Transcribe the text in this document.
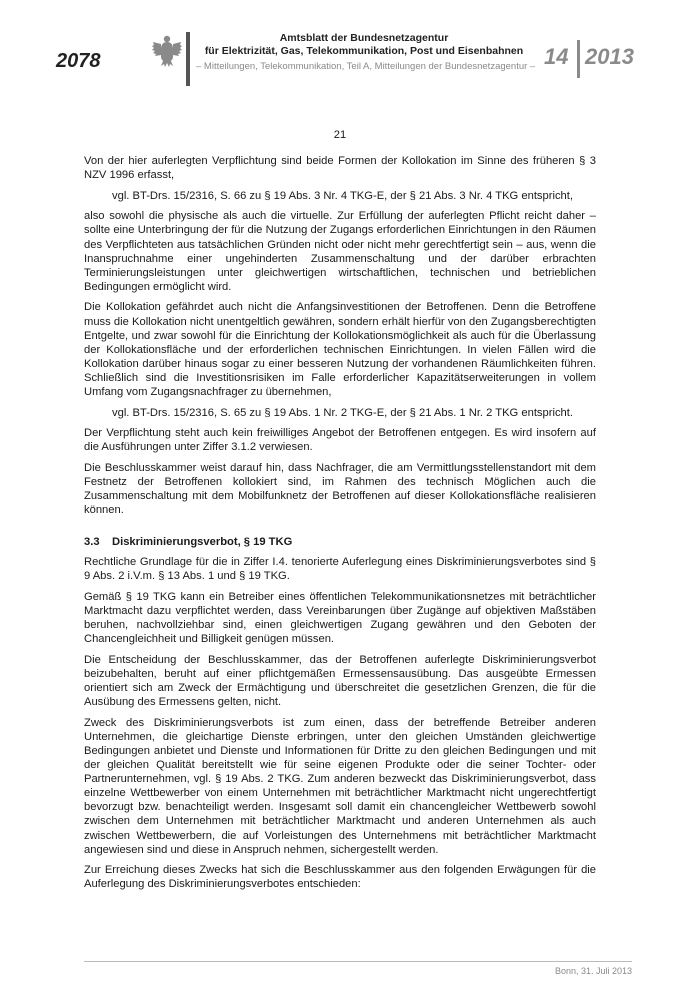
2078
Amtsblatt der Bundesnetzagentur
für Elektrizität, Gas, Telekommunikation, Post und Eisenbahnen
– Mitteilungen, Telekommunikation, Teil A, Mitteilungen der Bundesnetzagentur – 14 2013
21

Von der hier auferlegten Verpflichtung sind beide Formen der Kollokation im Sinne des früheren § 3 NZV 1996 erfasst,

vgl. BT-Drs. 15/2316, S. 66 zu § 19 Abs. 3 Nr. 4 TKG-E, der § 21 Abs. 3 Nr. 4 TKG entspricht,

also sowohl die physische als auch die virtuelle. Zur Erfüllung der auferlegten Pflicht reicht daher – sollte eine Unterbringung der für die Nutzung der Zugangs erforderlichen Einrichtungen in den Räumen des Verpflichteten aus tatsächlichen Gründen nicht oder nicht mehr gerechtfertigt sein – aus, wenn die Inanspruchnahme einer ungehinderten Zusammenschaltung und der darüber erbrachten Terminierungsleistungen unter gleichwertigen wirtschaftlichen, technischen und betrieblichen Bedingungen ermöglicht wird.

Die Kollokation gefährdet auch nicht die Anfangsinvestitionen der Betroffenen. Denn die Betroffene muss die Kollokation nicht unentgeltlich gewähren, sondern erhält hierfür von den Zugangsberechtigten Entgelte, und zwar sowohl für die Einrichtung der Kollokationsmöglichkeit als auch für die Überlassung der Kollokationsfläche und der erforderlichen technischen Einrichtungen. In vielen Fällen wird die Kollokation darüber hinaus sogar zu einer besseren Nutzung der vorhandenen Räumlichkeiten führen. Schließlich sind die Investitionsrisiken im Falle erforderlicher Kapazitätserweiterungen in vollem Umfang vom Zugangsnachfrager zu übernehmen,

vgl. BT-Drs. 15/2316, S. 65 zu § 19 Abs. 1 Nr. 2 TKG-E, der § 21 Abs. 1 Nr. 2 TKG entspricht.

Der Verpflichtung steht auch kein freiwilliges Angebot der Betroffenen entgegen. Es wird insofern auf die Ausführungen unter Ziffer 3.1.2 verwiesen.

Die Beschlusskammer weist darauf hin, dass Nachfrager, die am Vermittlungsstellenstandort mit dem Festnetz der Betroffenen kollokiert sind, im Rahmen des technisch Möglichen auch die Zusammenschaltung mit dem Mobilfunknetz der Betroffenen auf dieser Kollokationsfläche realisieren können.

3.3 Diskriminierungsverbot, § 19 TKG

Rechtliche Grundlage für die in Ziffer I.4. tenorierte Auferlegung eines Diskriminierungsverbotes sind § 9 Abs. 2 i.V.m. § 13 Abs. 1 und § 19 TKG.

Gemäß § 19 TKG kann ein Betreiber eines öffentlichen Telekommunikationsnetzes mit beträchtlicher Marktmacht dazu verpflichtet werden, dass Vereinbarungen über Zugänge auf objektiven Maßstäben beruhen, nachvollziehbar sind, einen gleichwertigen Zugang gewähren und den Geboten der Chancengleichheit und Billigkeit genügen müssen.

Die Entscheidung der Beschlusskammer, das der Betroffenen auferlegte Diskriminierungsverbot beizubehalten, beruht auf einer pflichtgemäßen Ermessensausübung. Das ausgeübte Ermessen orientiert sich am Zweck der Ermächtigung und überschreitet die gesetzlichen Grenzen, die für die Ausübung des Ermessens gelten, nicht.

Zweck des Diskriminierungsverbots ist zum einen, dass der betreffende Betreiber anderen Unternehmen, die gleichartige Dienste erbringen, unter den gleichen Umständen gleichwertige Bedingungen anbietet und Dienste und Informationen für Dritte zu den gleichen Bedingungen und mit der gleichen Qualität bereitstellt wie für seine eigenen Produkte oder die seiner Tochter- oder Partnerunternehmen, vgl. § 19 Abs. 2 TKG. Zum anderen bezweckt das Diskriminierungsverbot, dass einzelne Wettbewerber von einem Unternehmen mit beträchtlicher Marktmacht nicht ungerechtfertigt bevorzugt bzw. benachteiligt werden. Insgesamt soll damit ein chancengleicher Wettbewerb sowohl zwischen dem Unternehmen mit beträchtlicher Marktmacht und anderen Unternehmen als auch zwischen Wettbewerbern, die auf Vorleistungen des Unternehmens mit beträchtlicher Marktmacht angewiesen sind und diese in Anspruch nehmen, sichergestellt werden.

Zur Erreichung dieses Zwecks hat sich die Beschlusskammer aus den folgenden Erwägungen für die Auferlegung des Diskriminierungsverbotes entschieden:

Bonn, 31. Juli 2013
